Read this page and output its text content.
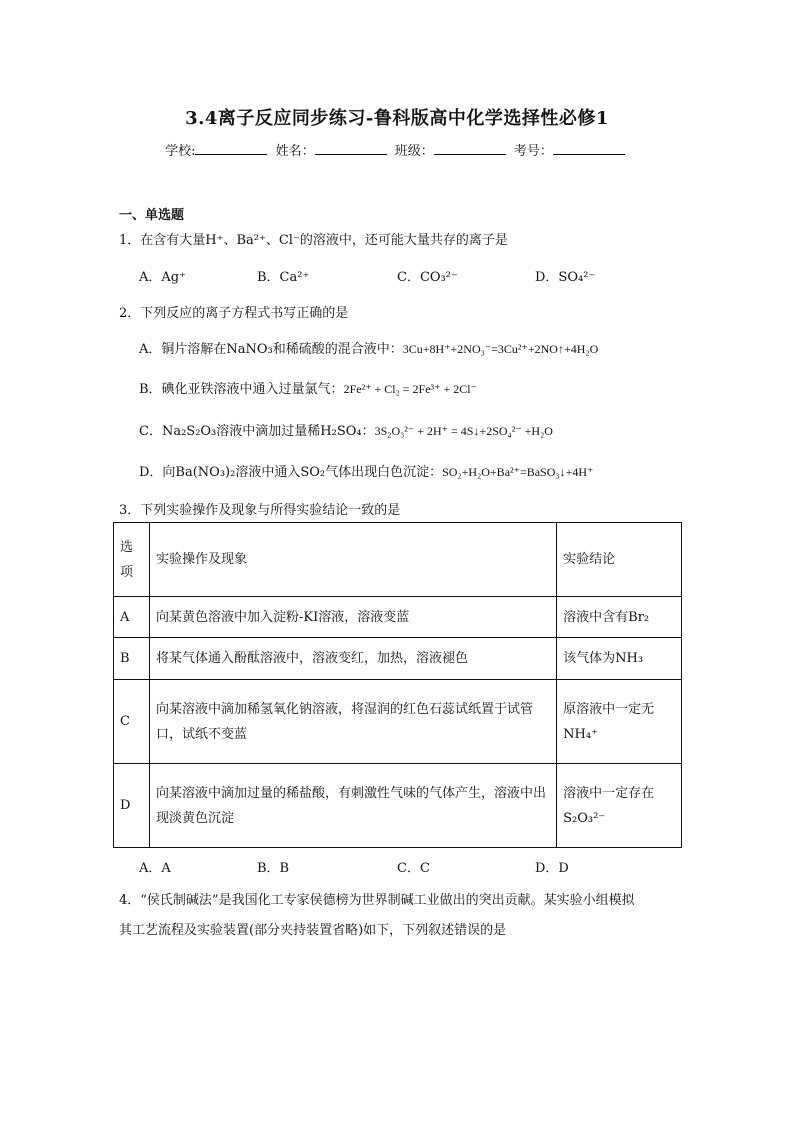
3.4离子反应同步练习-鲁科版高中化学选择性必修1
学校:	姓名：	班级：	考号：
一、单选题
1．在含有大量H⁺、Ba²⁺、Cl⁻的溶液中，还可能大量共存的离子是
A．Ag⁺	B．Ca²⁺	C．CO₃²⁻	D．SO₄²⁻
2．下列反应的离子方程式书写正确的是
A．铜片溶解在NaNO₃和稀硫酸的混合液中：3Cu+8H⁺+2NO₃⁻=3Cu²⁺+2NO↑+4H₂O
B．碘化亚铁溶液中通入过量氯气：2Fe²⁺ + Cl₂ = 2Fe³⁺ + 2Cl⁻
C．Na₂S₂O₃溶液中滴加过量稀H₂SO₄：3S₂O₃²⁻ + 2H⁺ = 4S↓+2SO₄²⁻ +H₂O
D．向Ba(NO₃)₂溶液中通入SO₂气体出现白色沉淀：SO₂+H₂O+Ba²⁺=BaSO₃↓+4H⁺
3．下列实验操作及现象与所得实验结论一致的是
选项	实验操作及现象	实验结论
A	向某黄色溶液中加入淀粉-KI溶液，溶液变蓝	溶液中含有Br₂
B	将某气体通入酚酞溶液中，溶液变红，加热，溶液褪色	该气体为NH₃
C	向某溶液中滴加稀氢氧化钠溶液，将湿润的红色石蕊试纸置于试管口，试纸不变蓝	原溶液中一定无NH₄⁺
D	向某溶液中滴加过量的稀盐酸，有刺激性气味的气体产生，溶液中出现淡黄色沉淀	溶液中一定存在S₂O₃²⁻
A．A	B．B	C．C	D．D
4．“侯氏制碱法”是我国化工专家侯德榜为世界制碱工业做出的突出贡献。某实验小组模拟
其工艺流程及实验装置(部分夹持装置省略)如下，下列叙述错误的是
